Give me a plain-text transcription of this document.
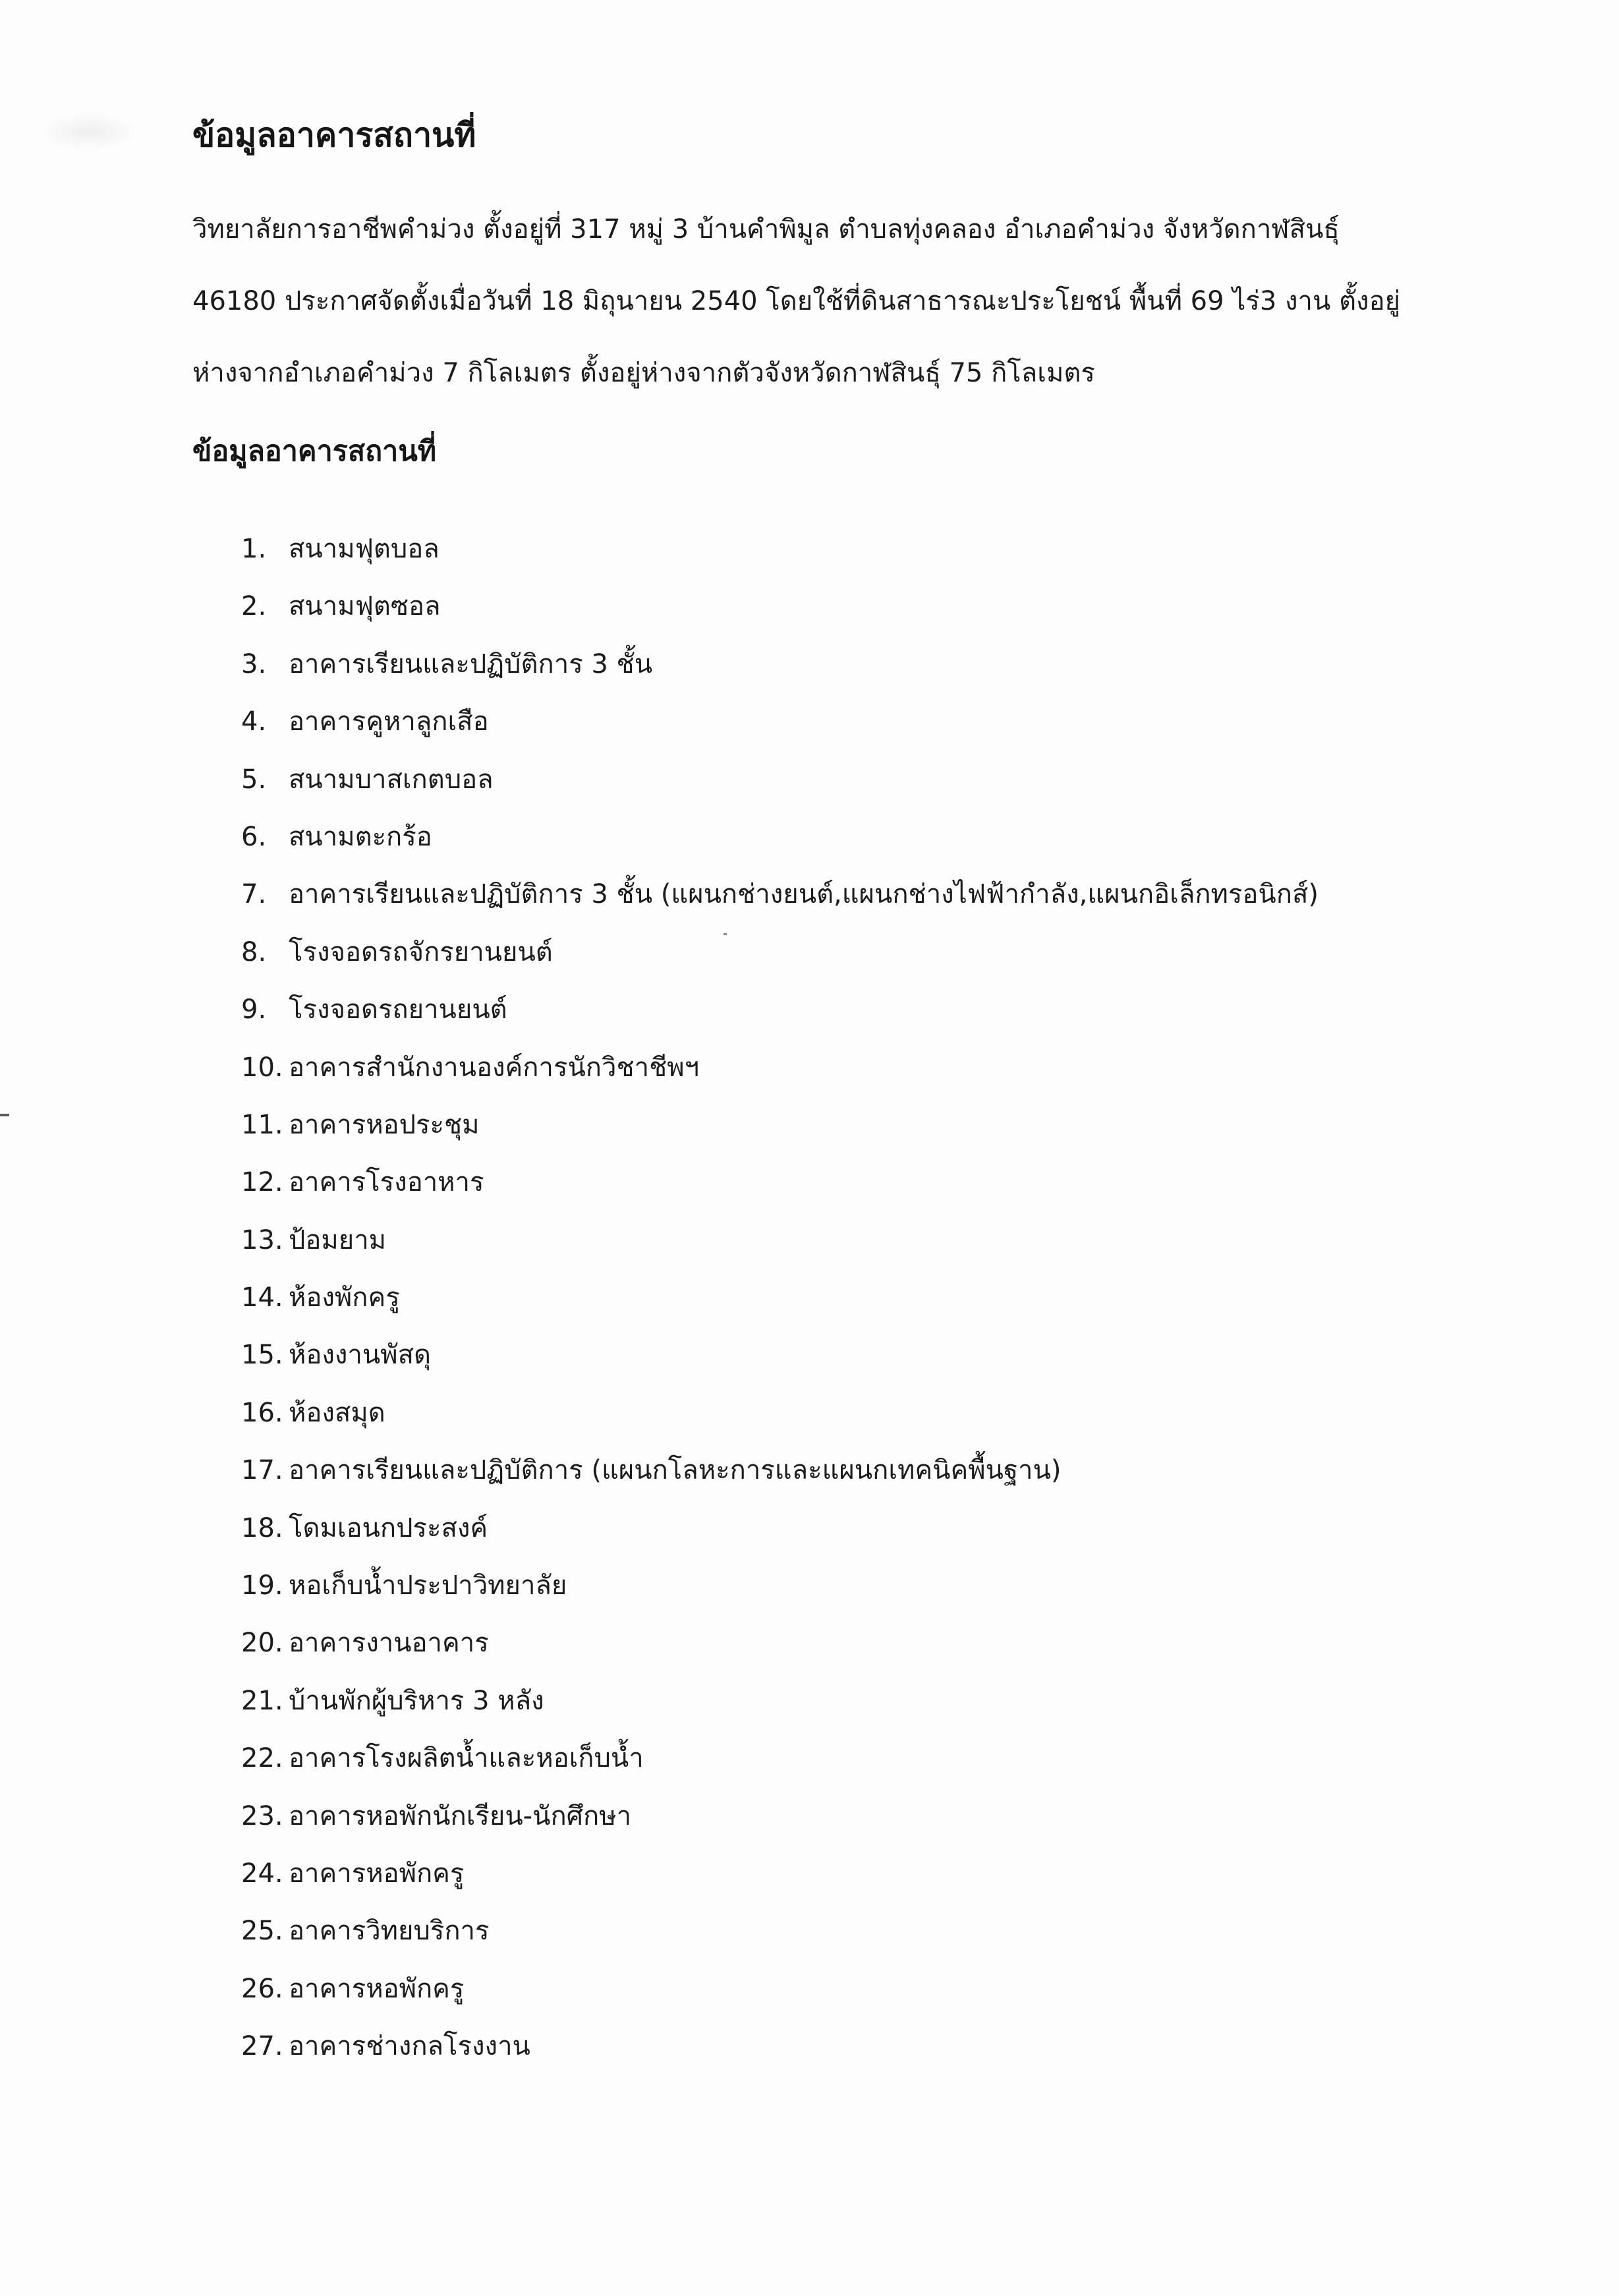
ข้อมูลอาคารสถานที่

วิทยาลัยการอาชีพคำม่วง ตั้งอยู่ที่ 317 หมู่ 3 บ้านคำพิมูล ตำบลทุ่งคลอง อำเภอคำม่วง จังหวัดกาฬสินธุ์

46180 ประกาศจัดตั้งเมื่อวันที่ 18 มิถุนายน 2540 โดยใช้ที่ดินสาธารณะประโยชน์ พื้นที่ 69 ไร่3 งาน ตั้งอยู่

ห่างจากอำเภอคำม่วง 7 กิโลเมตร ตั้งอยู่ห่างจากตัวจังหวัดกาฬสินธุ์ 75 กิโลเมตร

ข้อมูลอาคารสถานที่
1. สนามฟุตบอล
2. สนามฟุตซอล
3. อาคารเรียนและปฏิบัติการ 3 ชั้น
4. อาคารคูหาลูกเสือ
5. สนามบาสเกตบอล
6. สนามตะกร้อ
7. อาคารเรียนและปฏิบัติการ 3 ชั้น (แผนกช่างยนต์,แผนกช่างไฟฟ้ากำลัง,แผนกอิเล็กทรอนิกส์)
8. โรงจอดรถจักรยานยนต์
9. โรงจอดรถยานยนต์
10. อาคารสำนักงานองค์การนักวิชาชีพฯ
11. อาคารหอประชุม
12. อาคารโรงอาหาร
13. ป้อมยาม
14. ห้องพักครู
15. ห้องงานพัสดุ
16. ห้องสมุด
17. อาคารเรียนและปฏิบัติการ (แผนกโลหะการและแผนกเทคนิคพื้นฐาน)
18. โดมเอนกประสงค์
19. หอเก็บน้ำประปาวิทยาลัย
20. อาคารงานอาคาร
21. บ้านพักผู้บริหาร 3 หลัง
22. อาคารโรงผลิตน้ำและหอเก็บน้ำ
23. อาคารหอพักนักเรียน-นักศึกษา
24. อาคารหอพักครู
25. อาคารวิทยบริการ
26. อาคารหอพักครู
27. อาคารช่างกลโรงงาน
